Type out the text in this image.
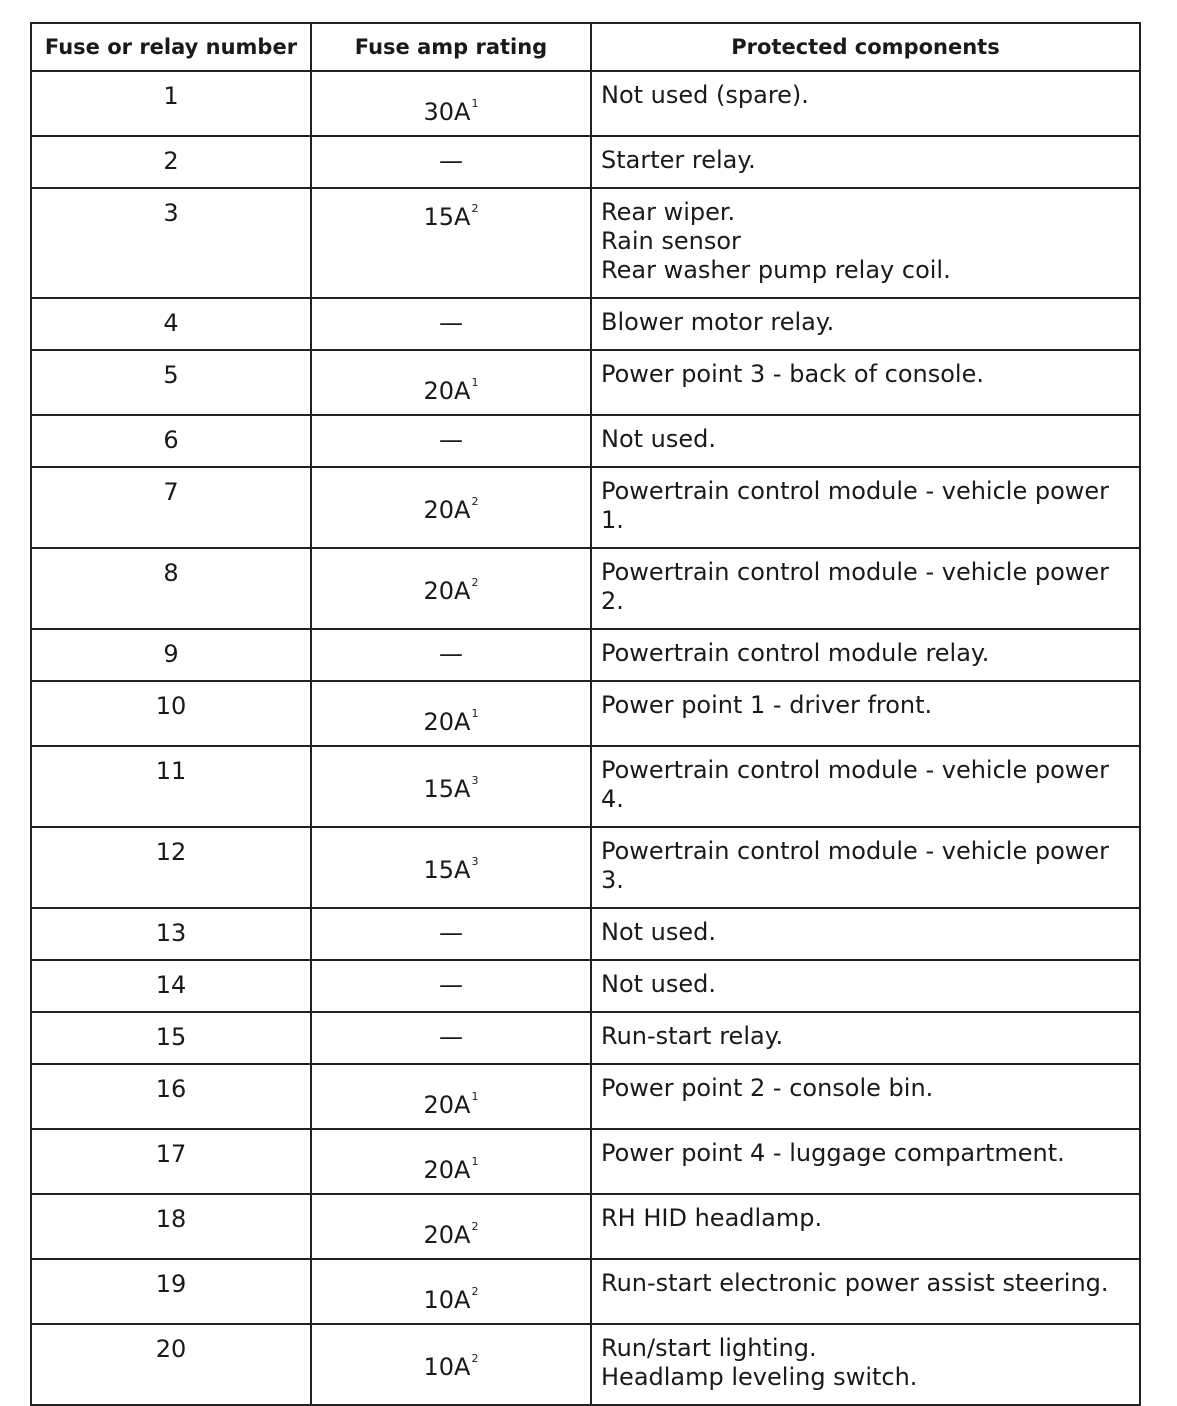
Fuse or relay number	Fuse amp rating	Protected components
1	$30A^1$	Not used (spare).

2	—	Starter relay.

3	$15A^2$	Rear wiper.
Rain sensor
Rear washer pump relay coil.

4	—	Blower motor relay.

5	$20A^1$	Power point 3 - back of console.

6	—	Not used.

7	$20A^2$	Powertrain control module - vehicle power
1.

8	$20A^2$	Powertrain control module - vehicle power
2.

9	—	Powertrain control module relay.

10	$20A^1$	Power point 1 - driver front.

11	$15A^3$	Powertrain control module - vehicle power
4.

12	$15A^3$	Powertrain control module - vehicle power
3.

13	—	Not used.

14	—	Not used.

15	—	Run-start relay.

16	$20A^1$	Power point 2 - console bin.

17	$20A^1$	Power point 4 - luggage compartment.

18	$20A^2$	RH HID headlamp.

19	$10A^2$	Run-start electronic power assist steering.

20	$10A^2$	Run/start lighting.
Headlamp leveling switch.
